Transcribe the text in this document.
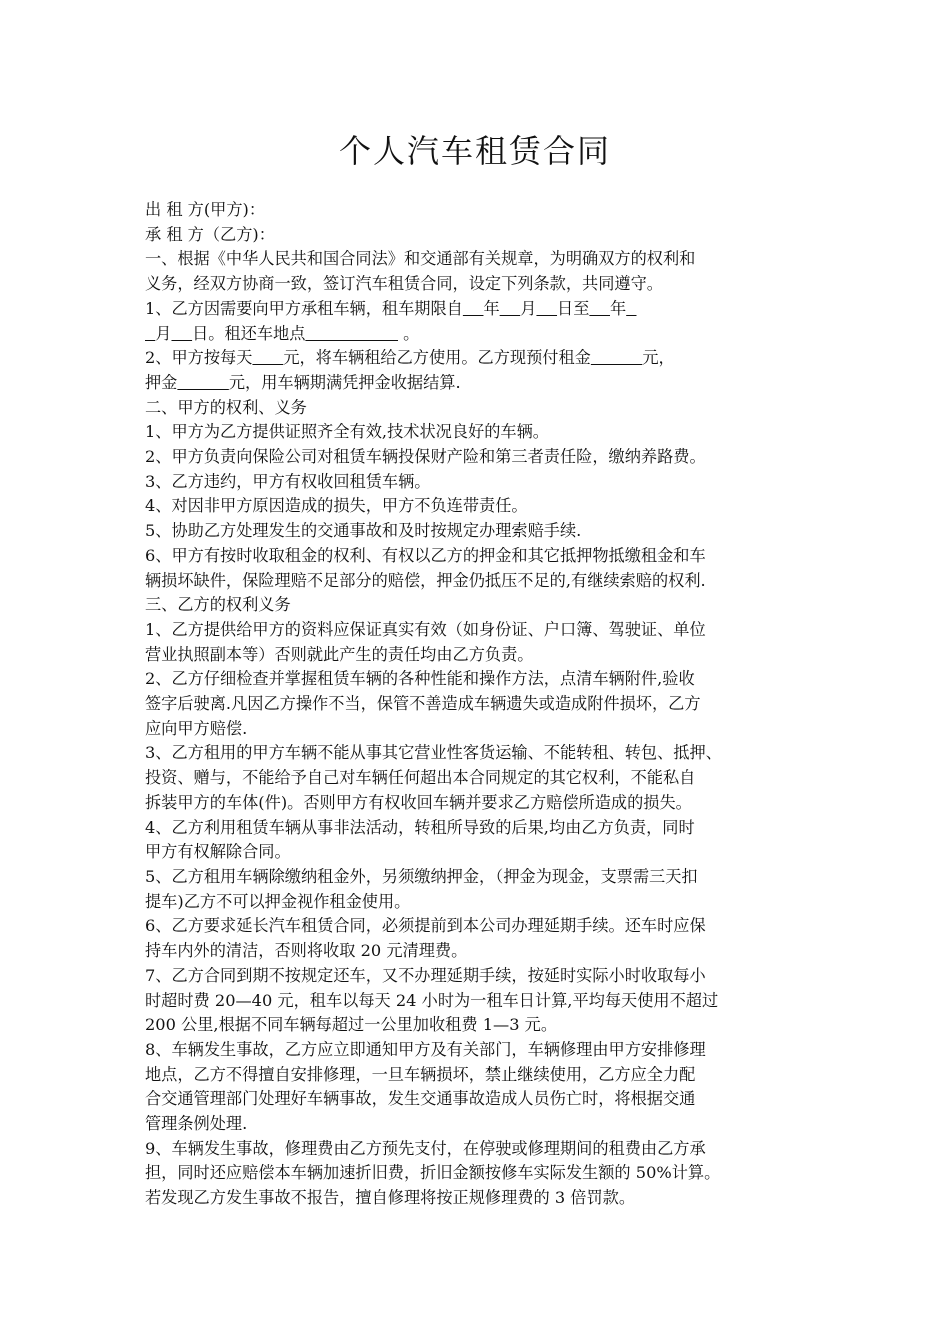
个人汽车租赁合同

出 租 方(甲方)：

承 租 方（乙方)：

一、根据《中华人民共和国合同法》和交通部有关规章，为明确双方的权利和

义务，经双方协商一致，签订汽车租赁合同，设定下列条款，共同遵守。

1、乙方因需要向甲方承租车辆，租车期限自 年 月 日至 年

月 日。租还车地点	。

2、甲方按每天 元，将车辆租给乙方使用。乙方现预付租金	元，

押金	元，用车辆期满凭押金收据结算.

二、甲方的权利、义务

1、甲方为乙方提供证照齐全有效,技术状况良好的车辆。

2、甲方负责向保险公司对租赁车辆投保财产险和第三者责任险，缴纳养路费。

3、乙方违约，甲方有权收回租赁车辆。

4、对因非甲方原因造成的损失，甲方不负连带责任。

5、协助乙方处理发生的交通事故和及时按规定办理索赔手续.

6、甲方有按时收取租金的权利、有权以乙方的押金和其它抵押物抵缴租金和车

辆损坏缺件，保险理赔不足部分的赔偿，押金仍抵压不足的,有继续索赔的权利.

三、乙方的权利义务

1、乙方提供给甲方的资料应保证真实有效（如身份证、户口簿、驾驶证、单位

营业执照副本等）否则就此产生的责任均由乙方负责。

2、乙方仔细检查并掌握租赁车辆的各种性能和操作方法，点清车辆附件,验收

签字后驶离.凡因乙方操作不当，保管不善造成车辆遗失或造成附件损坏，乙方

应向甲方赔偿.

3、乙方租用的甲方车辆不能从事其它营业性客货运输、不能转租、转包、抵押、

投资、赠与，不能给予自己对车辆任何超出本合同规定的其它权利，不能私自

拆装甲方的车体(件)。否则甲方有权收回车辆并要求乙方赔偿所造成的损失。

4、乙方利用租赁车辆从事非法活动，转租所导致的后果,均由乙方负责，同时

甲方有权解除合同。

5、乙方租用车辆除缴纳租金外，另须缴纳押金，（押金为现金，支票需三天扣

提车)乙方不可以押金视作租金使用。

6、乙方要求延长汽车租赁合同，必须提前到本公司办理延期手续。还车时应保

持车内外的清洁，否则将收取 20 元清理费。

7、乙方合同到期不按规定还车，又不办理延期手续，按延时实际小时收取每小

时超时费 20—40 元，租车以每天 24 小时为一租车日计算,平均每天使用不超过

200 公里,根据不同车辆每超过一公里加收租费 1—3 元。

8、车辆发生事故，乙方应立即通知甲方及有关部门，车辆修理由甲方安排修理

地点，乙方不得擅自安排修理，一旦车辆损坏，禁止继续使用，乙方应全力配

合交通管理部门处理好车辆事故，发生交通事故造成人员伤亡时，将根据交通

管理条例处理.

9、车辆发生事故，修理费由乙方预先支付，在停驶或修理期间的租费由乙方承

担，同时还应赔偿本车辆加速折旧费，折旧金额按修车实际发生额的 50%计算。

若发现乙方发生事故不报告，擅自修理将按正规修理费的 3 倍罚款。
